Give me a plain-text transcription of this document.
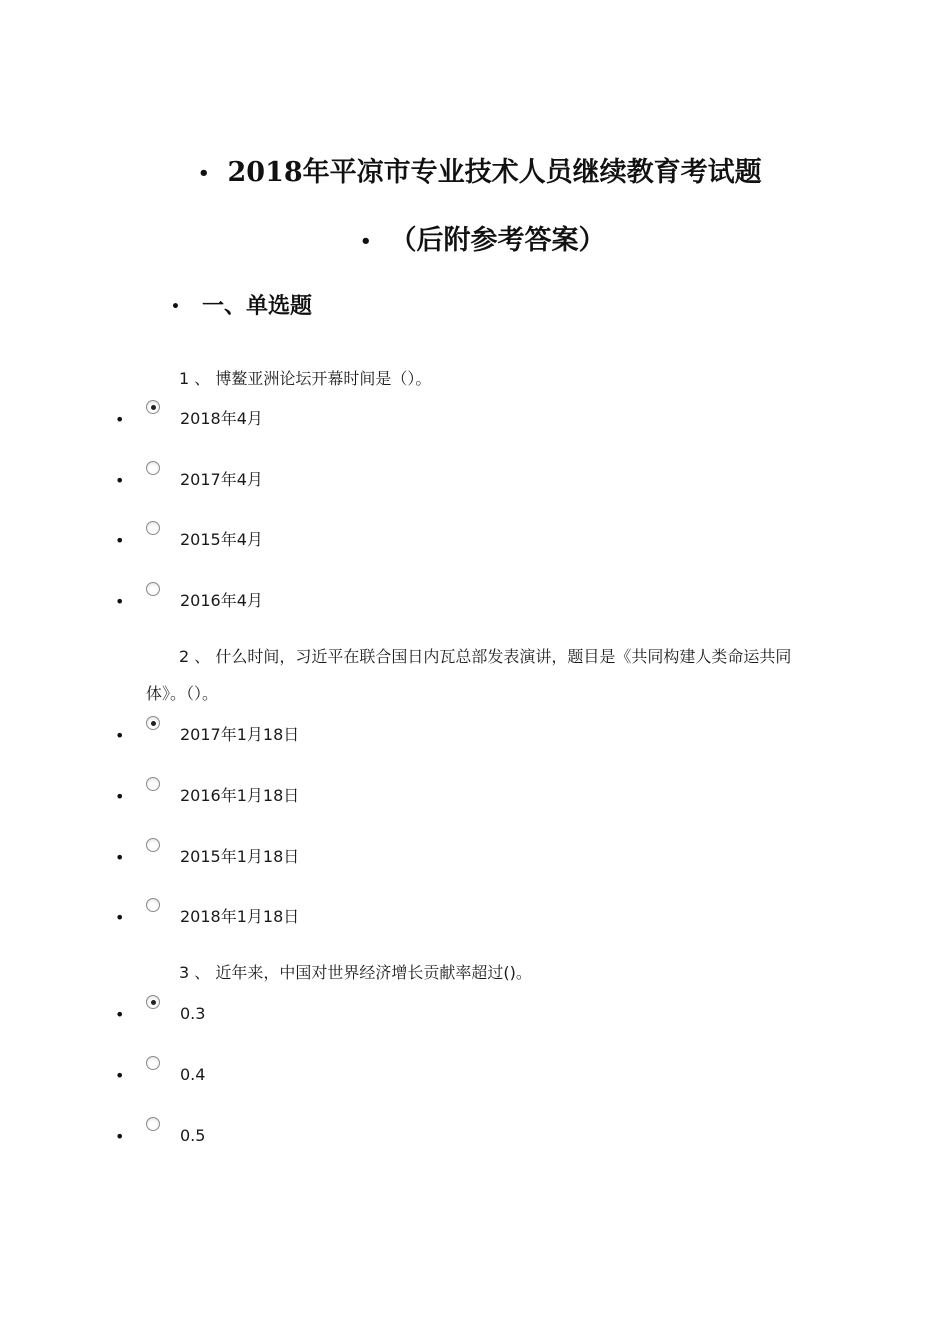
• 2018年平凉市专业技术人员继续教育考试题
• （后附参考答案）
• 一、单选题
1 、 博鳌亚洲论坛开幕时间是（）。
•	2018年4月
•	2017年4月
•	2015年4月
•	2016年4月
2 、 什么时间，习近平在联合国日内瓦总部发表演讲，题目是《共同构建人类命运共同体》。（）。
•	2017年1月18日
•	2016年1月18日
•	2015年1月18日
•	2018年1月18日
3 、 近年来，中国对世界经济增长贡献率超过()。
•	0.3
•	0.4
•	0.5
